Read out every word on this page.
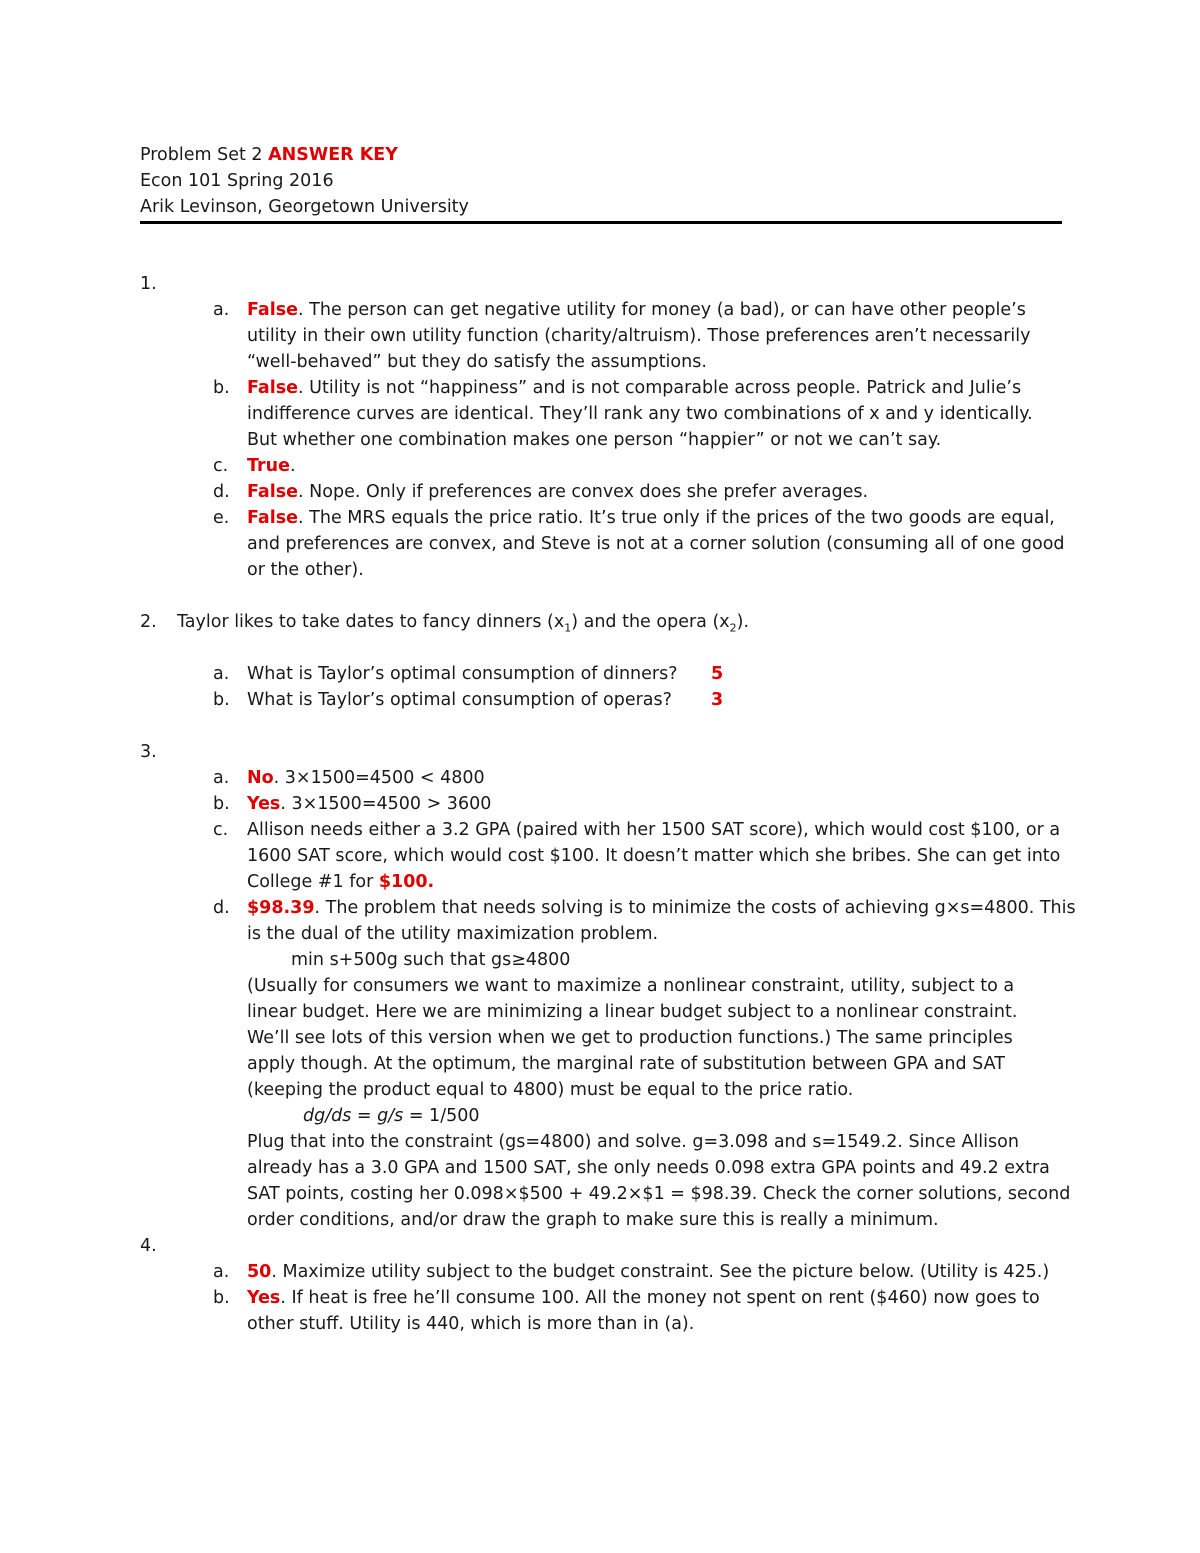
Problem Set 2 ANSWER KEY
Econ 101 Spring 2016
Arik Levinson, Georgetown University
1.
a. False. The person can get negative utility for money (a bad), or can have other people’s
utility in their own utility function (charity/altruism). Those preferences aren’t necessarily
“well-behaved” but they do satisfy the assumptions.
b. False. Utility is not “happiness” and is not comparable across people. Patrick and Julie’s
indifference curves are identical. They’ll rank any two combinations of x and y identically.
But whether one combination makes one person “happier” or not we can’t say.
c. True.
d. False. Nope. Only if preferences are convex does she prefer averages.
e. False. The MRS equals the price ratio. It’s true only if the prices of the two goods are equal,
and preferences are convex, and Steve is not at a corner solution (consuming all of one good
or the other).
2. Taylor likes to take dates to fancy dinners $(x_1)$ and the opera $(x_2)$.
a. What is Taylor’s optimal consumption of dinners? 5
b. What is Taylor’s optimal consumption of operas? 3
3.
a. No. 3×1500=4500 < 4800
b. Yes. 3×1500=4500 > 3600
c. Allison needs either a 3.2 GPA (paired with her 1500 SAT score), which would cost $100, or a
1600 SAT score, which would cost $100. It doesn’t matter which she bribes. She can get into
College #1 for $100.
d. $98.39. The problem that needs solving is to minimize the costs of achieving g×s=4800. This
is the dual of the utility maximization problem.
min s+500g such that gs≥4800
(Usually for consumers we want to maximize a nonlinear constraint, utility, subject to a
linear budget. Here we are minimizing a linear budget subject to a nonlinear constraint.
We’ll see lots of this version when we get to production functions.) The same principles
apply though. At the optimum, the marginal rate of substitution between GPA and SAT
(keeping the product equal to 4800) must be equal to the price ratio.
dg/ds = g/s = 1/500
Plug that into the constraint (gs=4800) and solve. g=3.098 and s=1549.2. Since Allison
already has a 3.0 GPA and 1500 SAT, she only needs 0.098 extra GPA points and 49.2 extra
SAT points, costing her 0.098×$500 + 49.2×$1 = $98.39. Check the corner solutions, second
order conditions, and/or draw the graph to make sure this is really a minimum.
4.
a. 50. Maximize utility subject to the budget constraint. See the picture below. (Utility is 425.)
b. Yes. If heat is free he’ll consume 100. All the money not spent on rent ($460) now goes to
other stuff. Utility is 440, which is more than in (a).
